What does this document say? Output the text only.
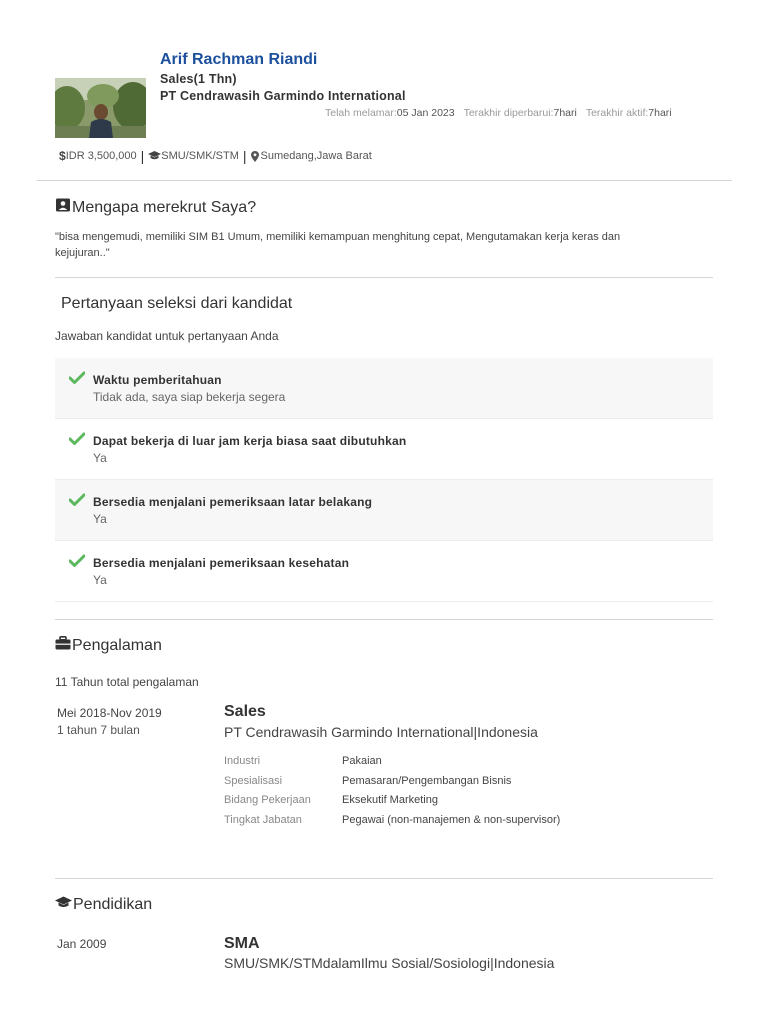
Arif Rachman Riandi
Sales(1 Thn)
PT Cendrawasih Garmindo International
Telah melamar:05 Jan 2023 Terakhir diperbarui:7hari Terakhir aktif:7hari
$ IDR 3,500,000 | SMU/SMK/STM | Sumedang,Jawa Barat
Mengapa merekrut Saya?
"bisa mengemudi, memiliki SIM B1 Umum, memiliki kemampuan menghitung cepat, Mengutamakan kerja keras dan kejujuran.."
Pertanyaan seleksi dari kandidat
Jawaban kandidat untuk pertanyaan Anda
Waktu pemberitahuan
Tidak ada, saya siap bekerja segera
Dapat bekerja di luar jam kerja biasa saat dibutuhkan
Ya
Bersedia menjalani pemeriksaan latar belakang
Ya
Bersedia menjalani pemeriksaan kesehatan
Ya
Pengalaman
11 Tahun total pengalaman
Mei 2018-Nov 2019
1 tahun 7 bulan
Sales
PT Cendrawasih Garmindo International|Indonesia
Industri	Pakaian
Spesialisasi	Pemasaran/Pengembangan Bisnis
Bidang Pekerjaan	Eksekutif Marketing
Tingkat Jabatan	Pegawai (non-manajemen & non-supervisor)
Pendidikan
Jan 2009	SMA
SMU/SMK/STMdalamIlmu Sosial/Sosiologi|Indonesia
